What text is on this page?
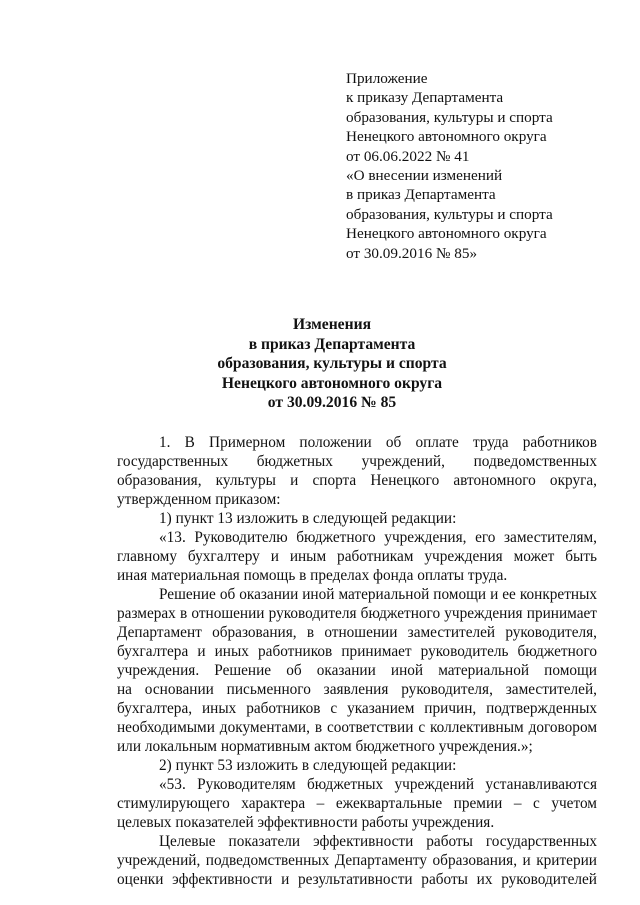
Приложение
к приказу Департамента
образования, культуры и спорта
Ненецкого автономного округа
от 06.06.2022 № 41
«О внесении изменений
в приказ Департамента
образования, культуры и спорта
Ненецкого автономного округа
от 30.09.2016 № 85»
Изменения
в приказ Департамента
образования, культуры и спорта
Ненецкого автономного округа
от 30.09.2016 № 85
1. В Примерном положении об оплате труда работников
государственных бюджетных учреждений, подведомственных
образования, культуры и спорта Ненецкого автономного округа,
утвержденном приказом:
1) пункт 13 изложить в следующей редакции:
«13. Руководителю бюджетного учреждения, его заместителям,
главному бухгалтеру и иным работникам учреждения может быть
иная материальная помощь в пределах фонда оплаты труда.
Решение об оказании иной материальной помощи и ее конкретных
размерах в отношении руководителя бюджетного учреждения принимает
Департамент образования, в отношении заместителей руководителя,
бухгалтера и иных работников принимает руководитель бюджетного
учреждения. Решение об оказании иной материальной помощи
на основании письменного заявления руководителя, заместителей,
бухгалтера, иных работников с указанием причин, подтвержденных
необходимыми документами, в соответствии с коллективным договором
или локальным нормативным актом бюджетного учреждения.»;
2) пункт 53 изложить в следующей редакции:
«53. Руководителям бюджетных учреждений устанавливаются
стимулирующего характера – ежеквартальные премии – с учетом
целевых показателей эффективности работы учреждения.
Целевые показатели эффективности работы государственных
учреждений, подведомственных Департаменту образования, и критерии
оценки эффективности и результативности работы их руководителей
